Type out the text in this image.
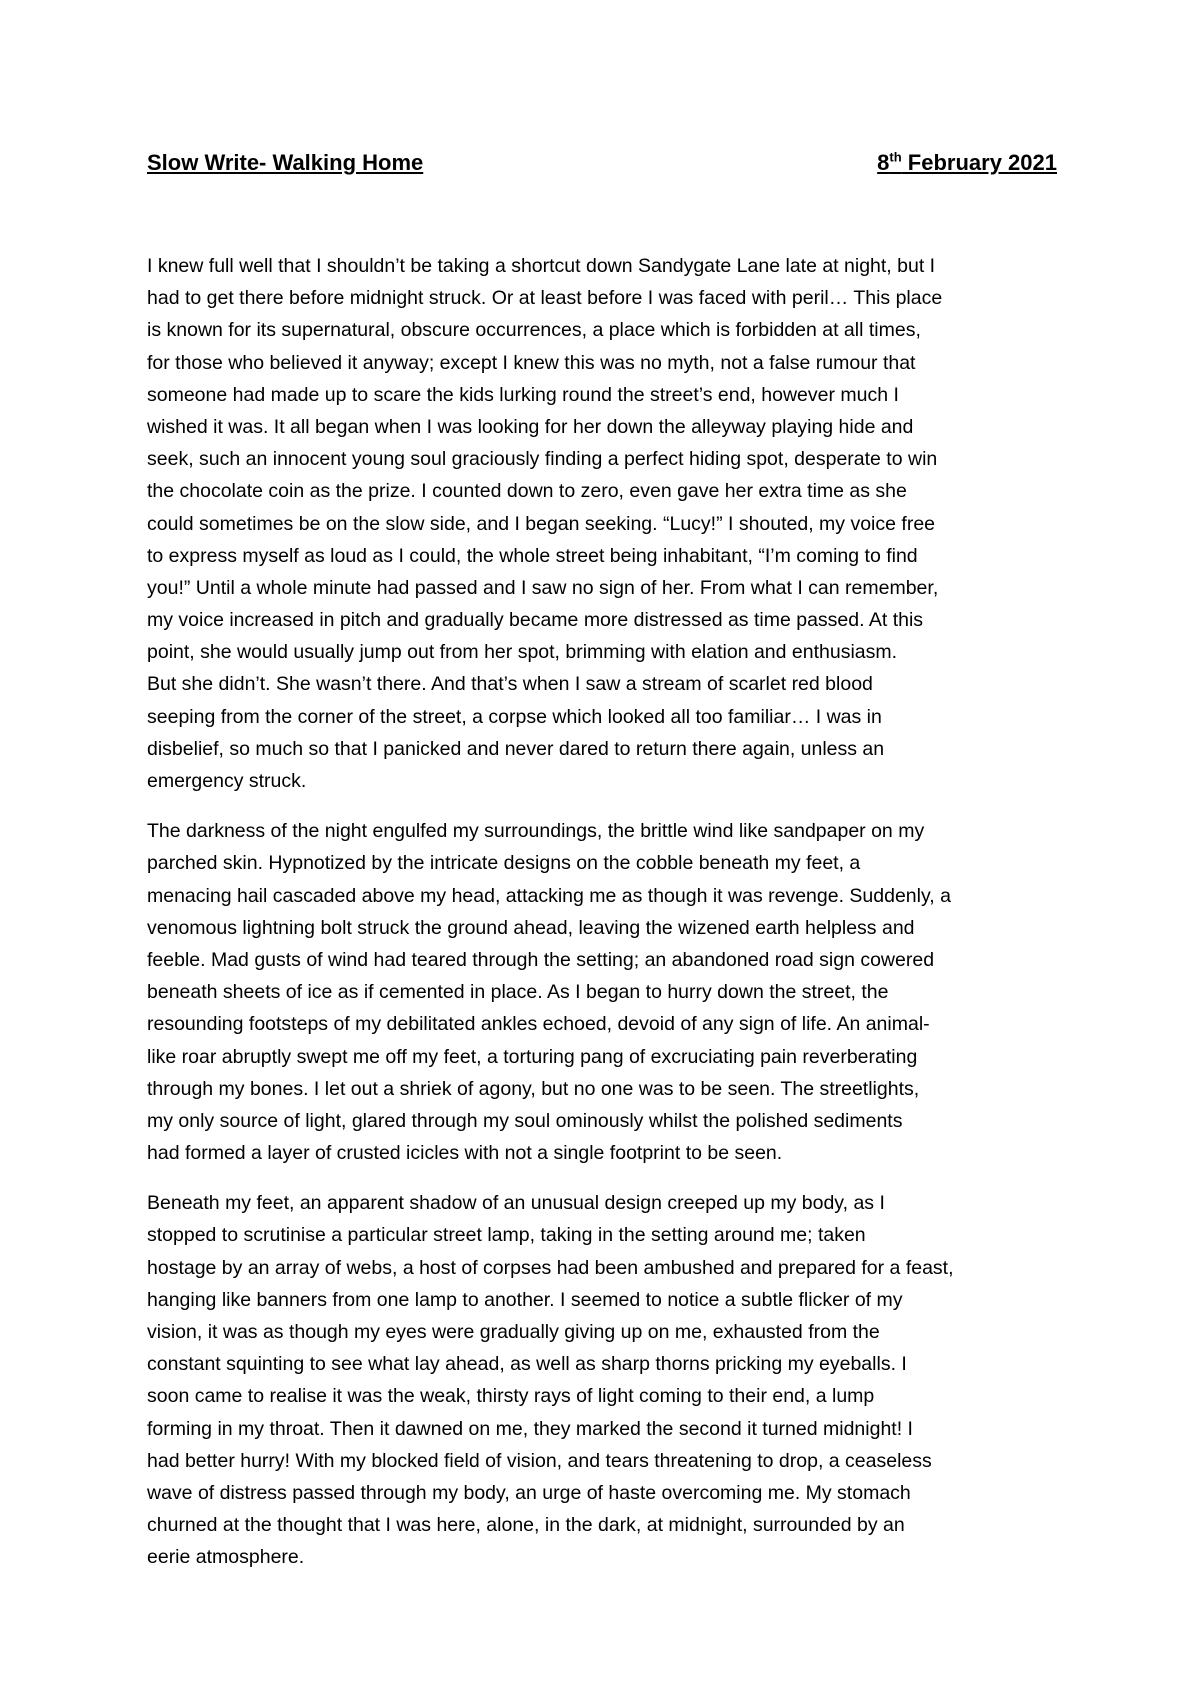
Slow Write- Walking Home	8th February 2021
I knew full well that I shouldn’t be taking a shortcut down Sandygate Lane late at night, but I
had to get there before midnight struck. Or at least before I was faced with peril… This place
is known for its supernatural, obscure occurrences, a place which is forbidden at all times,
for those who believed it anyway; except I knew this was no myth, not a false rumour that
someone had made up to scare the kids lurking round the street’s end, however much I
wished it was. It all began when I was looking for her down the alleyway playing hide and
seek, such an innocent young soul graciously finding a perfect hiding spot, desperate to win
the chocolate coin as the prize. I counted down to zero, even gave her extra time as she
could sometimes be on the slow side, and I began seeking. “Lucy!” I shouted, my voice free
to express myself as loud as I could, the whole street being inhabitant, “I’m coming to find
you!” Until a whole minute had passed and I saw no sign of her. From what I can remember,
my voice increased in pitch and gradually became more distressed as time passed. At this
point, she would usually jump out from her spot, brimming with elation and enthusiasm.
But she didn’t. She wasn’t there. And that’s when I saw a stream of scarlet red blood
seeping from the corner of the street, a corpse which looked all too familiar… I was in
disbelief, so much so that I panicked and never dared to return there again, unless an
emergency struck.
The darkness of the night engulfed my surroundings, the brittle wind like sandpaper on my
parched skin. Hypnotized by the intricate designs on the cobble beneath my feet, a
menacing hail cascaded above my head, attacking me as though it was revenge. Suddenly, a
venomous lightning bolt struck the ground ahead, leaving the wizened earth helpless and
feeble. Mad gusts of wind had teared through the setting; an abandoned road sign cowered
beneath sheets of ice as if cemented in place. As I began to hurry down the street, the
resounding footsteps of my debilitated ankles echoed, devoid of any sign of life. An animal-
like roar abruptly swept me off my feet, a torturing pang of excruciating pain reverberating
through my bones. I let out a shriek of agony, but no one was to be seen. The streetlights,
my only source of light, glared through my soul ominously whilst the polished sediments
had formed a layer of crusted icicles with not a single footprint to be seen.
Beneath my feet, an apparent shadow of an unusual design creeped up my body, as I
stopped to scrutinise a particular street lamp, taking in the setting around me; taken
hostage by an array of webs, a host of corpses had been ambushed and prepared for a feast,
hanging like banners from one lamp to another. I seemed to notice a subtle flicker of my
vision, it was as though my eyes were gradually giving up on me, exhausted from the
constant squinting to see what lay ahead, as well as sharp thorns pricking my eyeballs. I
soon came to realise it was the weak, thirsty rays of light coming to their end, a lump
forming in my throat. Then it dawned on me, they marked the second it turned midnight! I
had better hurry! With my blocked field of vision, and tears threatening to drop, a ceaseless
wave of distress passed through my body, an urge of haste overcoming me. My stomach
churned at the thought that I was here, alone, in the dark, at midnight, surrounded by an
eerie atmosphere.
